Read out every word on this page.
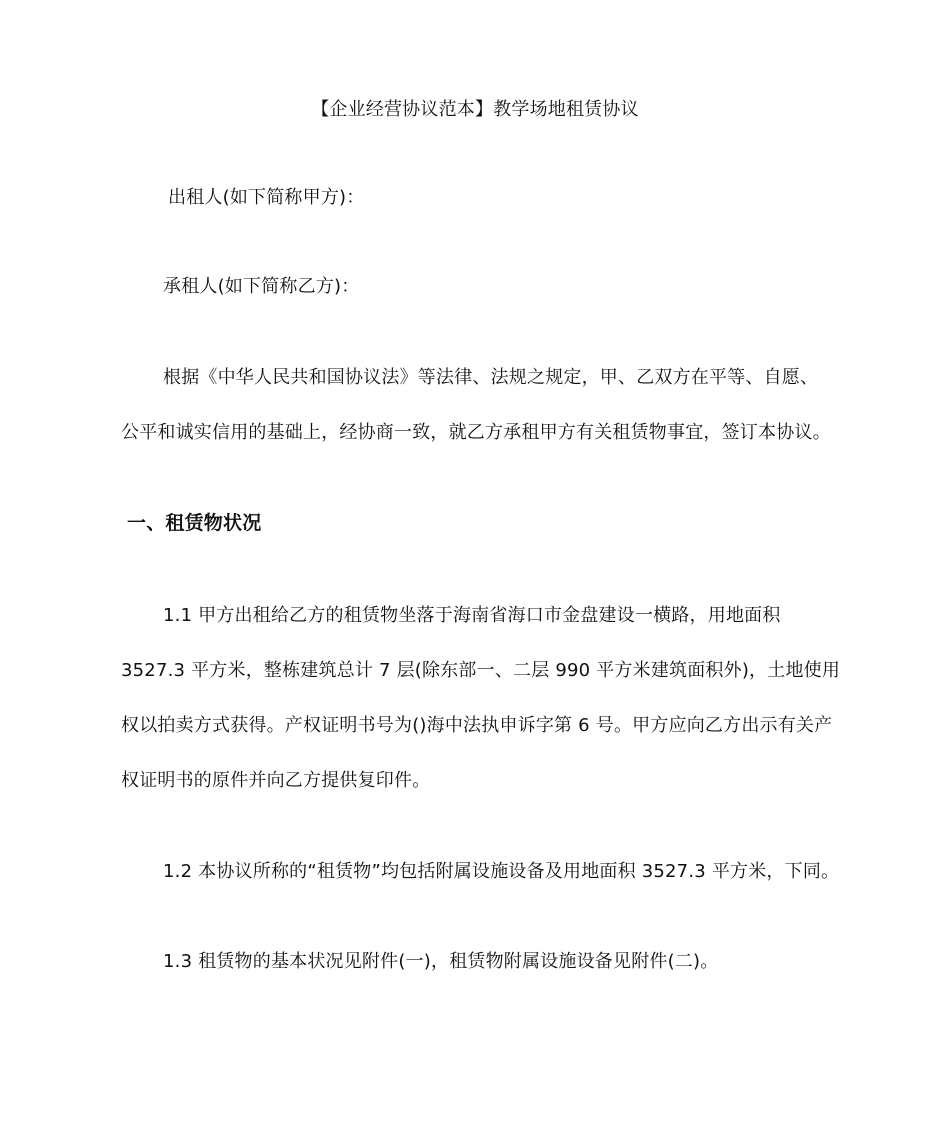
【企业经营协议范本】教学场地租赁协议
出租人(如下简称甲方)：
承租人(如下简称乙方)：
根据《中华人民共和国协议法》等法律、法规之规定，甲、乙双方在平等、自愿、
公平和诚实信用的基础上，经协商一致，就乙方承租甲方有关租赁物事宜，签订本协议。
一、租赁物状况
1.1 甲方出租给乙方的租赁物坐落于海南省海口市金盘建设一横路，用地面积
3527.3 平方米，整栋建筑总计 7 层(除东部一、二层 990 平方米建筑面积外)，土地使用
权以拍卖方式获得。产权证明书号为()海中法执申诉字第 6 号。甲方应向乙方出示有关产
权证明书的原件并向乙方提供复印件。
1.2 本协议所称的“租赁物”均包括附属设施设备及用地面积 3527.3 平方米，下同。
1.3 租赁物的基本状况见附件(一)，租赁物附属设施设备见附件(二)。
